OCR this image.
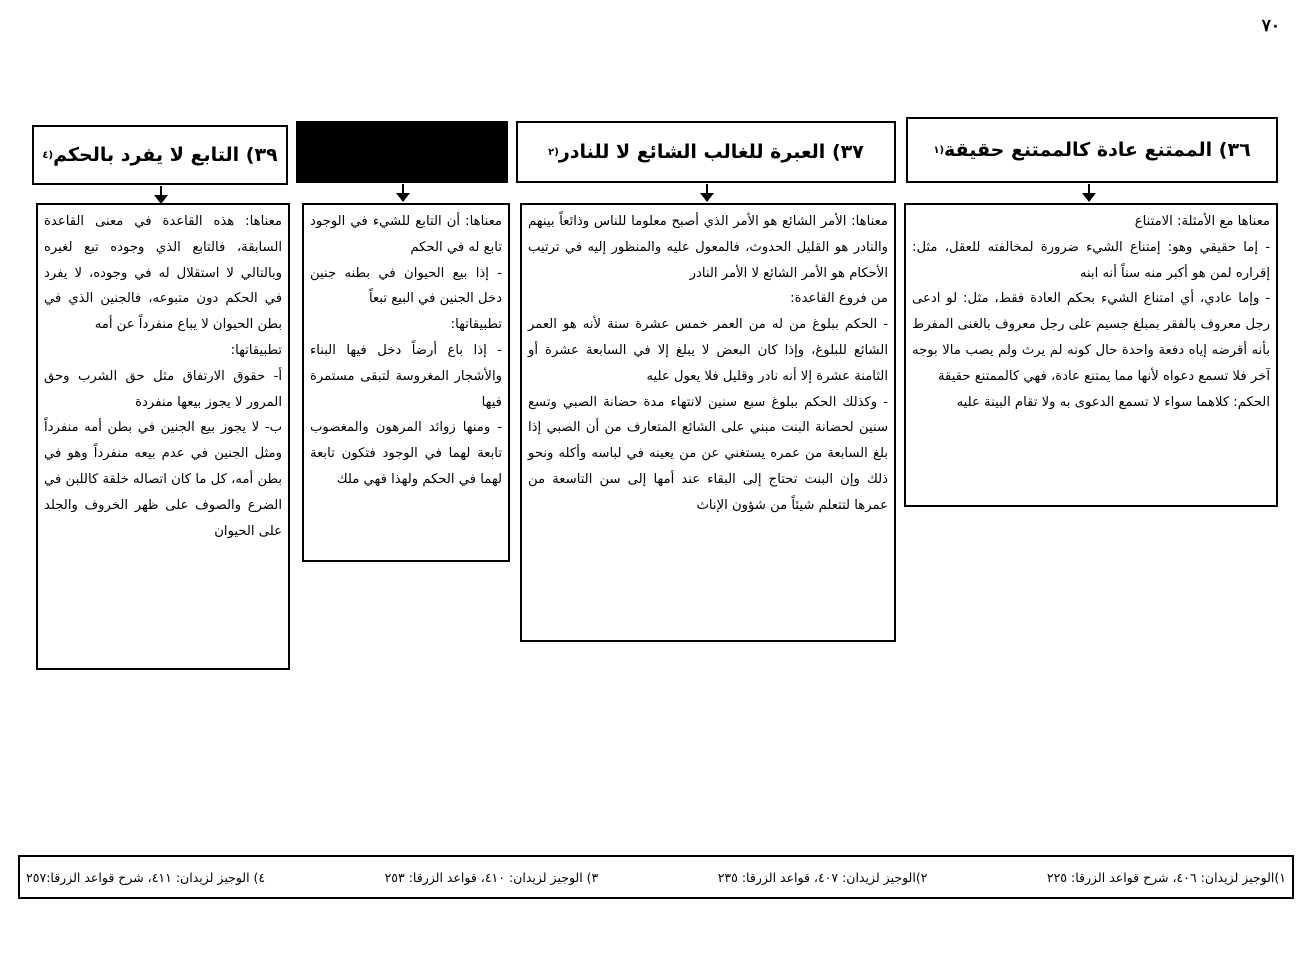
٧٠
٣٦) الممتنع عادة كالممتنع حقيقة
(١

معناها مع الأمثلة: الامتناع

- إما حقيقي وهو: إمتناع الشيء ضرورة لمخالفته للعقل، مثل: إقراره لمن هو أكبر منه سناً أنه ابنه

- وإما عادي، أي امتناع الشيء بحكم العادة فقط، مثل: لو ادعى رجل معروف بالفقر بمبلغ جسيم على رجل معروف بالغنى المفرط بأنه أقرضه إياه دفعة واحدة حال كونه لم يرث ولم يصب مالا بوجه آخر فلا تسمع دعواه لأنها مما يمتنع عادة، فهي كالممتنع حقيقة

الحكم: كلاهما سواء لا تسمع الدعوى به ولا تقام البينة عليه

٣٧) العبرة للغالب الشائع لا للنادر
(٢

معناها: الأمر الشائع هو الأمر الذي أصبح معلوما للناس وذائعاً بينهم والنادر هو القليل الحدوث، فالمعول عليه والمنظور إليه في ترتيب الأحكام هو الأمر الشائع لا الأمر النادر

من فروع القاعدة:

- الحكم ببلوغ من له من العمر خمس عشرة سنة لأنه هو العمر الشائع للبلوغ، وإذا كان البعض لا يبلغ إلا في السابعة عشرة أو الثامنة عشرة إلا أنه نادر وقليل فلا يعول عليه

- وكذلك الحكم ببلوغ سبع سنين لانتهاء مدة حضانة الصبي وتسع سنين لحضانة البنت مبني على الشائع المتعارف من أن الصبي إذا بلغ السابعة من عمره يستغني عن من يعينه في لباسه وأكله ونحو ذلك وإن البنت تحتاج إلى البقاء عند أمها إلى سن التاسعة من عمرها لتتعلم شيئاً من شؤون الإناث

معناها: أن التابع للشيء في الوجود تابع له في الحكم

- إذا بيع الحيوان في بطنه جنين دخل الجنين في البيع تبعاً

تطبيقاتها:

- إذا باع أرضاً دخل فيها البناء والأشجار المغروسة لتبقى مستمرة فيها

- ومنها زوائد المرهون والمغصوب تابعة لهما في الوجود فتكون تابعة لهما في الحكم ولهذا فهي ملك

٣٩) التابع لا يفرد بالحكم
(٤

معناها: هذه القاعدة في معنى القاعدة السابقة، فالتابع الذي وجوده تبع لغيره وبالتالي لا استقلال له في وجوده، لا يفرد في الحكم دون متبوعه، فالجنين الذي في بطن الحيوان لا يباع منفرداً عن أمه

تطبيقاتها:

أ- حقوق الارتفاق مثل حق الشرب وحق المرور لا يجوز بيعها منفردة

ب- لا يجوز بيع الجنين في بطن أمه منفرداً ومثل الجنين في عدم بيعه منفرداً وهو في بطن أمه، كل ما كان اتصاله خلقة كاللبن في الضرع والصوف على ظهر الخروف والجلد على الحيوان

١)الوجيز لزيدان: ٤٠٦، شرح قواعد الزرقا: ٢٢٥
٢)الوجيز لزيدان: ٤٠٧، قواعد الزرقا: ٢٣٥
٣) الوجيز لزيدان: ٤١٠، قواعد الزرقا: ٢٥٣
٤) الوجيز لزيدان: ٤١١، شرح قواعد الزرقا:٢٥٧
